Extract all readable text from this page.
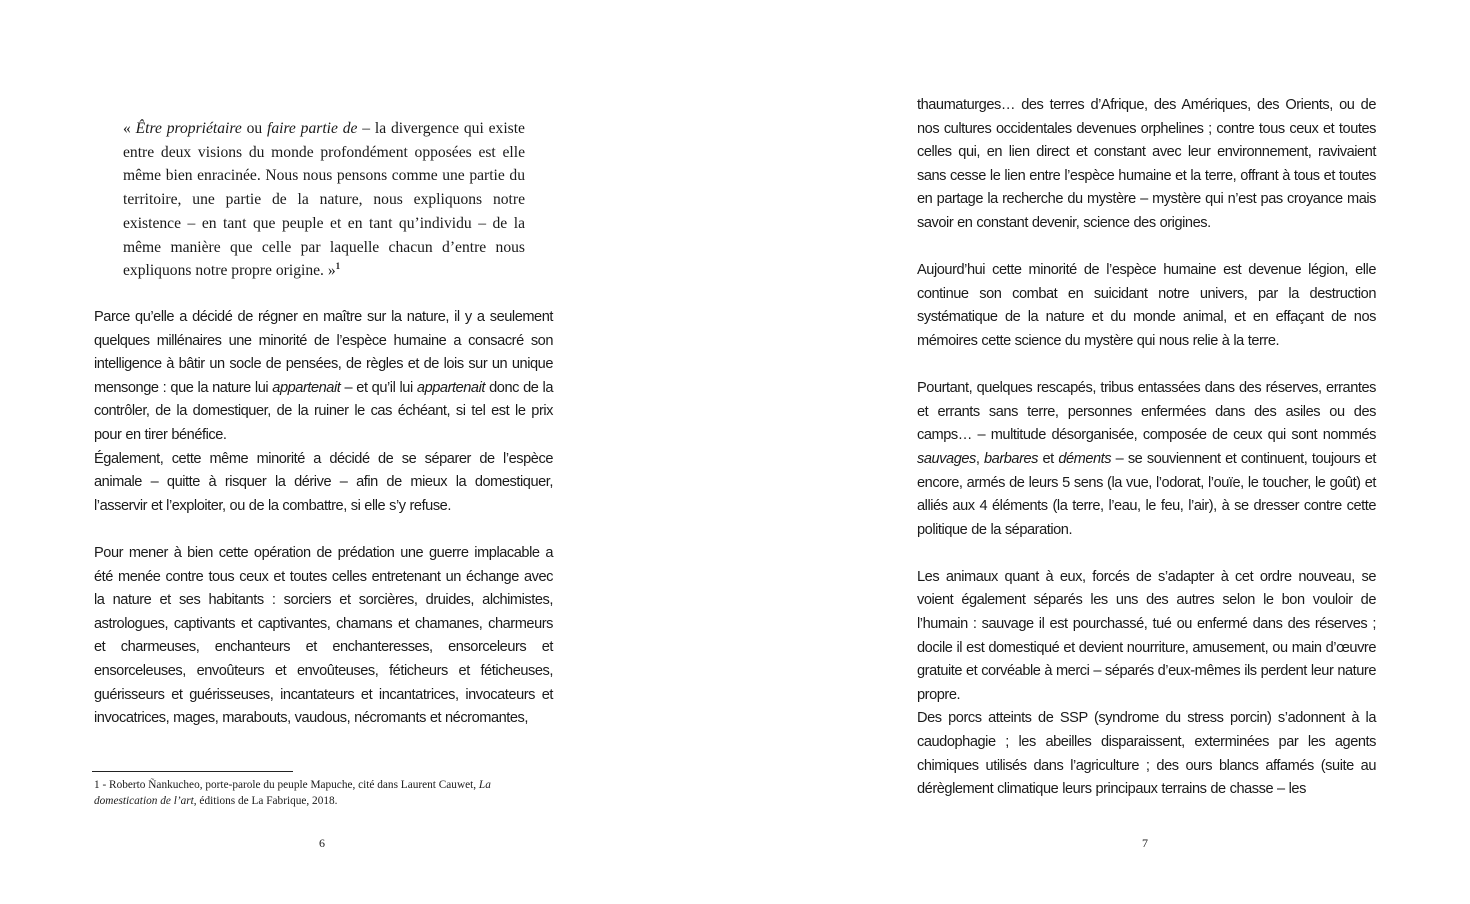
« Être propriétaire ou faire partie de – la divergence qui existe entre deux visions du monde profondément opposées est elle même bien enracinée. Nous nous pensons comme une partie du territoire, une partie de la nature, nous expliquons notre existence – en tant que peuple et en tant qu’individu – de la même manière que celle par laquelle chacun d’entre nous expliquons notre propre origine. »$^1$

Parce qu’elle a décidé de régner en maître sur la nature, il y a seulement quelques millénaires une minorité de l’espèce humaine a consacré son intelligence à bâtir un socle de pensées, de règles et de lois sur un unique mensonge : que la nature lui appartenait – et qu’il lui appartenait donc de la contrôler, de la domestiquer, de la ruiner le cas échéant, si tel est le prix pour en tirer bénéfice.

Également, cette même minorité a décidé de se séparer de l’espèce animale – quitte à risquer la dérive – afin de mieux la domestiquer, l’asservir et l’exploiter, ou de la combattre, si elle s’y refuse.

Pour mener à bien cette opération de prédation une guerre implacable a été menée contre tous ceux et toutes celles entretenant un échange avec la nature et ses habitants : sorciers et sorcières, druides, alchimistes, astrologues, captivants et captivantes, chamans et chamanes, charmeurs et charmeuses, enchanteurs et enchanteresses, ensorceleurs et ensorceleuses, envoûteurs et envoûteuses, féticheurs et féticheuses, guérisseurs et guérisseuses, incantateurs et incantatrices, invocateurs et invocatrices, mages, marabouts, vaudous, nécromants et nécromantes,

1 - Roberto Ñankucheo, porte-parole du peuple Mapuche, cité dans Laurent Cauwet, La domestication de l’art, éditions de La Fabrique, 2018.

6

thaumaturges… des terres d’Afrique, des Amériques, des Orients, ou de nos cultures occidentales devenues orphelines ; contre tous ceux et toutes celles qui, en lien direct et constant avec leur environnement, ravivaient sans cesse le lien entre l’espèce humaine et la terre, offrant à tous et toutes en partage la recherche du mystère – mystère qui n’est pas croyance mais savoir en constant devenir, science des origines.

Aujourd’hui cette minorité de l’espèce humaine est devenue légion, elle continue son combat en suicidant notre univers, par la destruction systématique de la nature et du monde animal, et en effaçant de nos mémoires cette science du mystère qui nous relie à la terre.

Pourtant, quelques rescapés, tribus entassées dans des réserves, errantes et errants sans terre, personnes enfermées dans des asiles ou des camps… – multitude désorganisée, composée de ceux qui sont nommés sauvages, barbares et déments – se souviennent et continuent, toujours et encore, armés de leurs 5 sens (la vue, l’odorat, l’ouïe, le toucher, le goût) et alliés aux 4 éléments (la terre, l’eau, le feu, l’air), à se dresser contre cette politique de la séparation.

Les animaux quant à eux, forcés de s’adapter à cet ordre nouveau, se voient également séparés les uns des autres selon le bon vouloir de l’humain : sauvage il est pourchassé, tué ou enfermé dans des réserves ; docile il est domestiqué et devient nourriture, amusement, ou main d’œuvre gratuite et corvéable à merci – séparés d’eux-mêmes ils perdent leur nature propre.

Des porcs atteints de SSP (syndrome du stress porcin) s’adonnent à la caudophagie ; les abeilles disparaissent, exterminées par les agents chimiques utilisés dans l’agriculture ; des ours blancs affamés (suite au dérèglement climatique leurs principaux terrains de chasse – les

7
